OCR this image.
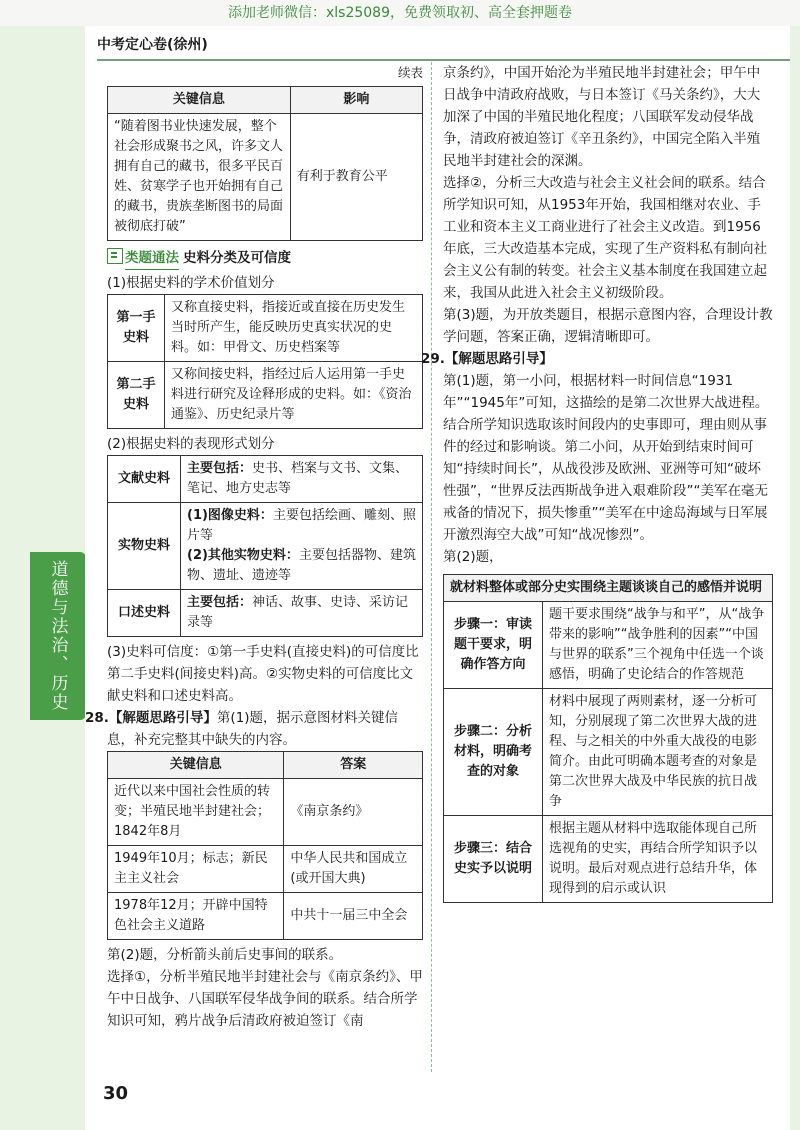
添加老师微信：xls25089，免费领取初、高全套押题卷
道德与法治、历史
中考定心卷(徐州)

续表

关键信息	影响
“随着图书业快速发展，整个社会形成聚书之风，许多文人拥有自己的藏书，很多平民百姓、贫寒学子也开始拥有自己的藏书，贵族垄断图书的局面被彻底打破”	有利于教育公平

类题通法 史料分类及可信度

(1)根据史料的学术价值划分

第一手史料	又称直接史料，指接近或直接在历史发生当时所产生，能反映历史真实状况的史料。如：甲骨文、历史档案等
第二手史料	又称间接史料，指经过后人运用第一手史料进行研究及诠释形成的史料。如：《资治通鉴》、历史纪录片等

(2)根据史料的表现形式划分

文献史料	主要包括：史书、档案与文书、文集、笔记、地方史志等
实物史料	(1)图像史料：主要包括绘画、雕刻、照片等
(2)其他实物史料：主要包括器物、建筑物、遗址、遗迹等
口述史料	主要包括：神话、故事、史诗、采访记录等

(3)史料可信度：①第一手史料(直接史料)的可信度比第二手史料(间接史料)高。②实物史料的可信度比文献史料和口述史料高。

28.【解题思路引导】第(1)题，据示意图材料关键信息，补充完整其中缺失的内容。

关键信息	答案
近代以来中国社会性质的转变；半殖民地半封建社会；1842年8月	《南京条约》
1949年10月；标志；新民主主义社会	中华人民共和国成立(或开国大典)
1978年12月；开辟中国特色社会主义道路	中共十一届三中全会

第(2)题，分析箭头前后史事间的联系。

选择①，分析半殖民地半封建社会与《南京条约》、甲午中日战争、八国联军侵华战争间的联系。结合所学知识可知，鸦片战争后清政府被迫签订《南

京条约》，中国开始沦为半殖民地半封建社会；甲午中日战争中清政府战败，与日本签订《马关条约》，大大加深了中国的半殖民地化程度；八国联军发动侵华战争，清政府被迫签订《辛丑条约》，中国完全陷入半殖民地半封建社会的深渊。

选择②，分析三大改造与社会主义社会间的联系。结合所学知识可知，从1953年开始，我国相继对农业、手工业和资本主义工商业进行了社会主义改造。到1956年底，三大改造基本完成，实现了生产资料私有制向社会主义公有制的转变。社会主义基本制度在我国建立起来，我国从此进入社会主义初级阶段。

第(3)题，为开放类题目，根据示意图内容，合理设计教学问题，答案正确，逻辑清晰即可。

29.【解题思路引导】

第(1)题，第一小问，根据材料一时间信息“1931年”“1945年”可知，这描绘的是第二次世界大战进程。结合所学知识选取该时间段内的史事即可，理由则从事件的经过和影响谈。第二小问，从开始到结束时间可知“持续时间长”，从战役涉及欧洲、亚洲等可知“破坏性强”，“世界反法西斯战争进入艰难阶段”“美军在毫无戒备的情况下，损失惨重”“美军在中途岛海域与日军展开激烈海空大战”可知“战况惨烈”。

第(2)题，

就材料整体或部分史实围绕主题谈谈自己的感悟并说明	
步骤一：审读题干要求，明确作答方向	题干要求围绕“战争与和平”，从“战争带来的影响”“战争胜利的因素”“中国与世界的联系”三个视角中任选一个谈感悟，明确了史论结合的作答规范
步骤二：分析材料，明确考查的对象	材料中展现了两则素材，逐一分析可知，分别展现了第二次世界大战的进程、与之相关的中外重大战役的电影简介。由此可明确本题考查的对象是第二次世界大战及中华民族的抗日战争
步骤三：结合史实予以说明	根据主题从材料中选取能体现自己所选视角的史实，再结合所学知识予以说明。最后对观点进行总结升华，体现得到的启示或认识
30
